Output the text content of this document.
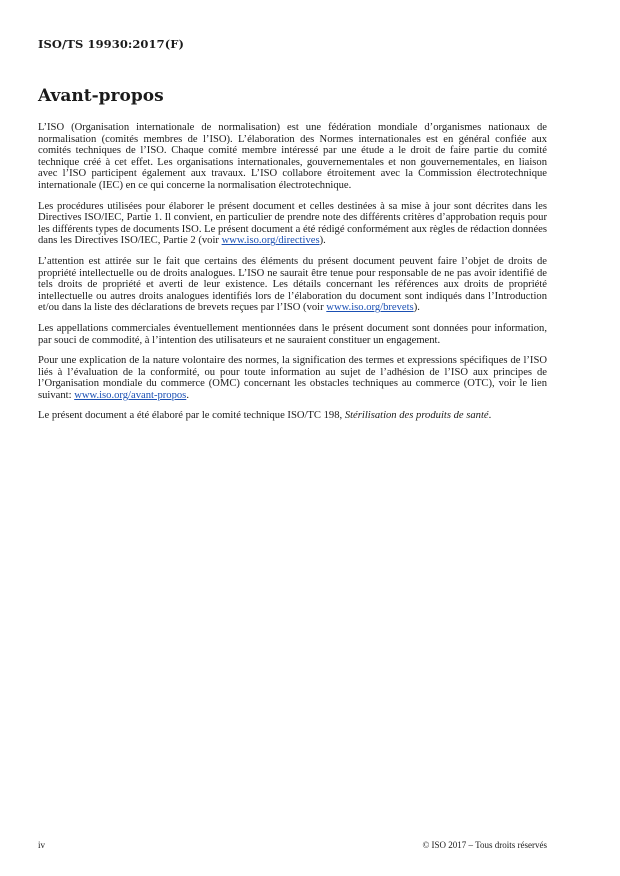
ISO/TS 19930:2017(F)
Avant-propos

L’ISO (Organisation internationale de normalisation) est une fédération mondiale d’organismes nationaux de normalisation (comités membres de l’ISO). L’élaboration des Normes internationales est en général confiée aux comités techniques de l’ISO. Chaque comité membre intéressé par une étude a le droit de faire partie du comité technique créé à cet effet. Les organisations internationales, gouvernementales et non gouvernementales, en liaison avec l’ISO participent également aux travaux. L’ISO collabore étroitement avec la Commission électrotechnique internationale (IEC) en ce qui concerne la normalisation électrotechnique.

Les procédures utilisées pour élaborer le présent document et celles destinées à sa mise à jour sont décrites dans les Directives ISO/IEC, Partie 1. Il convient, en particulier de prendre note des différents critères d’approbation requis pour les différents types de documents ISO. Le présent document a été rédigé conformément aux règles de rédaction données dans les Directives ISO/IEC, Partie 2 (voir www.iso.org/directives).

L’attention est attirée sur le fait que certains des éléments du présent document peuvent faire l’objet de droits de propriété intellectuelle ou de droits analogues. L’ISO ne saurait être tenue pour responsable de ne pas avoir identifié de tels droits de propriété et averti de leur existence. Les détails concernant les références aux droits de propriété intellectuelle ou autres droits analogues identifiés lors de l’élaboration du document sont indiqués dans l’Introduction et/ou dans la liste des déclarations de brevets reçues par l’ISO (voir www.iso.org/brevets).

Les appellations commerciales éventuellement mentionnées dans le présent document sont données pour information, par souci de commodité, à l’intention des utilisateurs et ne sauraient constituer un engagement.

Pour une explication de la nature volontaire des normes, la signification des termes et expressions spécifiques de l’ISO liés à l’évaluation de la conformité, ou pour toute information au sujet de l’adhésion de l’ISO aux principes de l’Organisation mondiale du commerce (OMC) concernant les obstacles techniques au commerce (OTC), voir le lien suivant: www.iso.org/avant-propos.

Le présent document a été élaboré par le comité technique ISO/TC 198, Stérilisation des produits de santé.

iv	© ISO 2017 – Tous droits réservés
